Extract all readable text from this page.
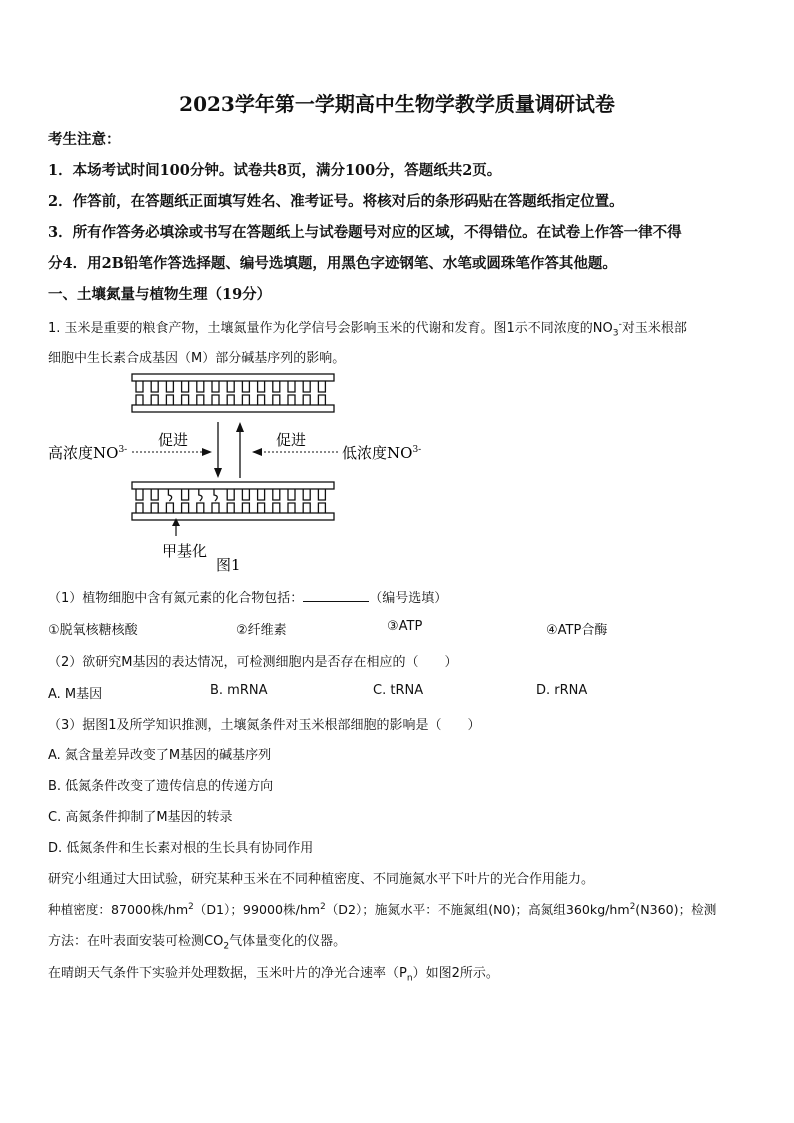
2023学年第一学期高中生物学教学质量调研试卷
考生注意：
1．本场考试时间100分钟。试卷共8页，满分100分，答题纸共2页。
2．作答前，在答题纸正面填写姓名、准考证号。将核对后的条形码贴在答题纸指定位置。
3．所有作答务必填涂或书写在答题纸上与试卷题号对应的区域，不得错位。在试卷上作答一律不得
分4．用2B铅笔作答选择题、编号选填题，用黑色字迹钢笔、水笔或圆珠笔作答其他题。
一、土壤氮量与植物生理（19分）
1. 玉米是重要的粮食产物，土壤氮量作为化学信号会影响玉米的代谢和发育。图1示不同浓度的$NO_3^-$对玉米根部
细胞中生长素合成基因（M）部分碱基序列的影响。
促进	促进
高浓度$NO^{3-}$	低浓度$NO^{3-}$
甲基化
图1
（1）植物细胞中含有氮元素的化合物包括：	（编号选填）
①脱氧核糖核酸	②纤维素	③ATP	④ATP合酶
（2）欲研究M基因的表达情况，可检测细胞内是否存在相应的（　　）
A. M基因	B. mRNA	C. tRNA	D. rRNA
（3）据图1及所学知识推测，土壤氮条件对玉米根部细胞的影响是（　　）
A. 氮含量差异改变了M基因的碱基序列
B. 低氮条件改变了遗传信息的传递方向
C. 高氮条件抑制了M基因的转录
D. 低氮条件和生长素对根的生长具有协同作用
研究小组通过大田试验，研究某种玉米在不同种植密度、不同施氮水平下叶片的光合作用能力。
种植密度：87000株$/hm^2(D1)$；99000株$/hm^2(D2)$；施氮水平：不施氮组(N0)；高氮组$360kg/hm^2(N360)$；检测
方法：在叶表面安装可检测$CO_2$气体量变化的仪器。
在晴朗天气条件下实验并处理数据，玉米叶片的净光合速率$(P_n)$如图2所示。
